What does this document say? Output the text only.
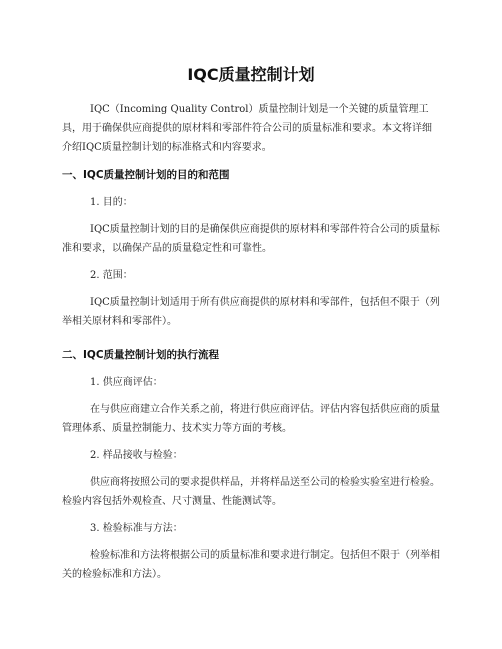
IQC质量控制计划

IQC（Incoming Quality Control）质量控制计划是一个关键的质量管理工具，用于确保供应商提供的原材料和零部件符合公司的质量标准和要求。本文将详细介绍IQC质量控制计划的标准格式和内容要求。

一、IQC质量控制计划的目的和范围

1. 目的：

IQC质量控制计划的目的是确保供应商提供的原材料和零部件符合公司的质量标准和要求，以确保产品的质量稳定性和可靠性。

2. 范围：

IQC质量控制计划适用于所有供应商提供的原材料和零部件，包括但不限于（列举相关原材料和零部件）。

二、IQC质量控制计划的执行流程

1. 供应商评估：

在与供应商建立合作关系之前，将进行供应商评估。评估内容包括供应商的质量管理体系、质量控制能力、技术实力等方面的考核。

2. 样品接收与检验：

供应商将按照公司的要求提供样品，并将样品送至公司的检验实验室进行检验。检验内容包括外观检查、尺寸测量、性能测试等。

3. 检验标准与方法：

检验标准和方法将根据公司的质量标准和要求进行制定。包括但不限于（列举相关的检验标准和方法）。
